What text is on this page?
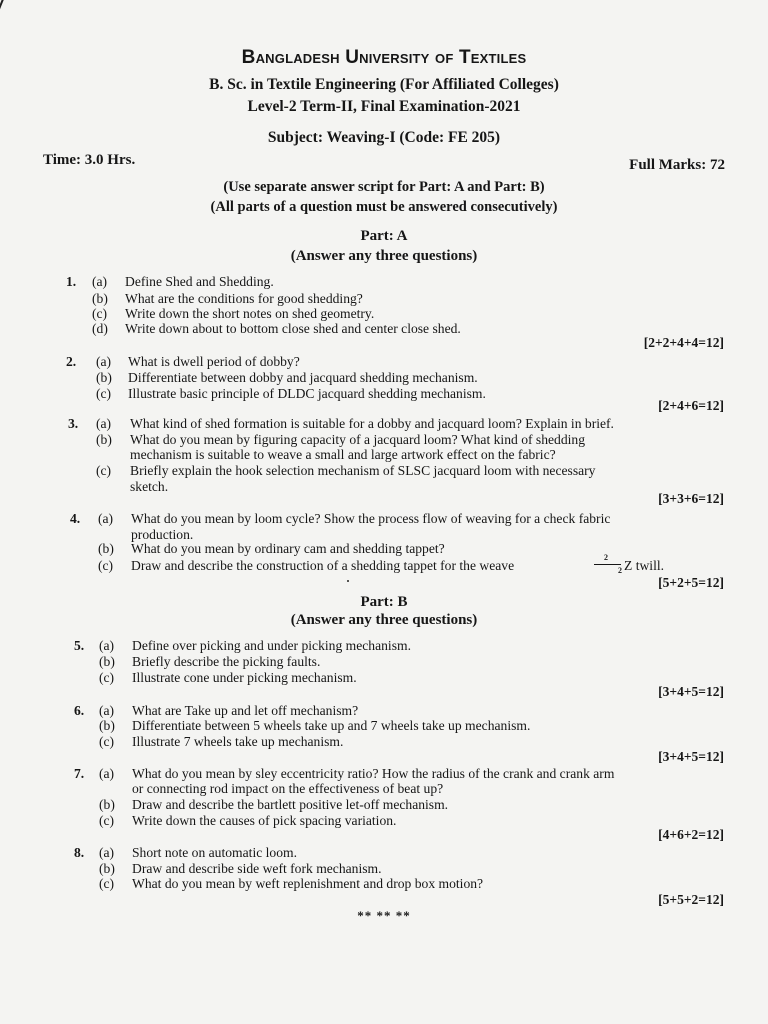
Bangladesh University of Textiles
B. Sc. in Textile Engineering (For Affiliated Colleges)
Level-2 Term-II, Final Examination-2021
Subject: Weaving-I (Code: FE 205)
Time: 3.0 Hrs.	Full Marks: 72
(Use separate answer script for Part: A and Part: B)
(All parts of a question must be answered consecutively)
Part: A
(Answer any three questions)
1. (a) Define Shed and Shedding.
(b) What are the conditions for good shedding?
(c) Write down the short notes on shed geometry.
(d) Write down about to bottom close shed and center close shed.
[2+2+4+4=12]
2. (a) What is dwell period of dobby?
(b) Differentiate between dobby and jacquard shedding mechanism.
(c) Illustrate basic principle of DLDC jacquard shedding mechanism.
[2+4+6=12]
3. (a) What kind of shed formation is suitable for a dobby and jacquard loom? Explain in brief.
(b) What do you mean by figuring capacity of a jacquard loom? What kind of shedding
mechanism is suitable to weave a small and large artwork effect on the fabric?
(c) Briefly explain the hook selection mechanism of SLSC jacquard loom with necessary
sketch.
[3+3+6=12]
4. (a) What do you mean by loom cycle? Show the process flow of weaving for a check fabric
production.
(b) What do you mean by ordinary cam and shedding tappet?
(c) Draw and describe the construction of a shedding tappet for the weave
2
2 Z twill.
[5+2+5=12]
Part: B
(Answer any three questions)
5. (a) Define over picking and under picking mechanism.
(b) Briefly describe the picking faults.
(c) Illustrate cone under picking mechanism.
[3+4+5=12]
6. (a) What are Take up and let off mechanism?
(b) Differentiate between 5 wheels take up and 7 wheels take up mechanism.
(c) Illustrate 7 wheels take up mechanism.
[3+4+5=12]
7. (a) What do you mean by sley eccentricity ratio? How the radius of the crank and crank arm
or connecting rod impact on the effectiveness of beat up?
(b) Draw and describe the bartlett positive let-off mechanism.
(c) Write down the causes of pick spacing variation.
[4+6+2=12]
8. (a) Short note on automatic loom.
(b) Draw and describe side weft fork mechanism.
(c) What do you mean by weft replenishment and drop box motion?
[5+5+2=12]
** ** **
